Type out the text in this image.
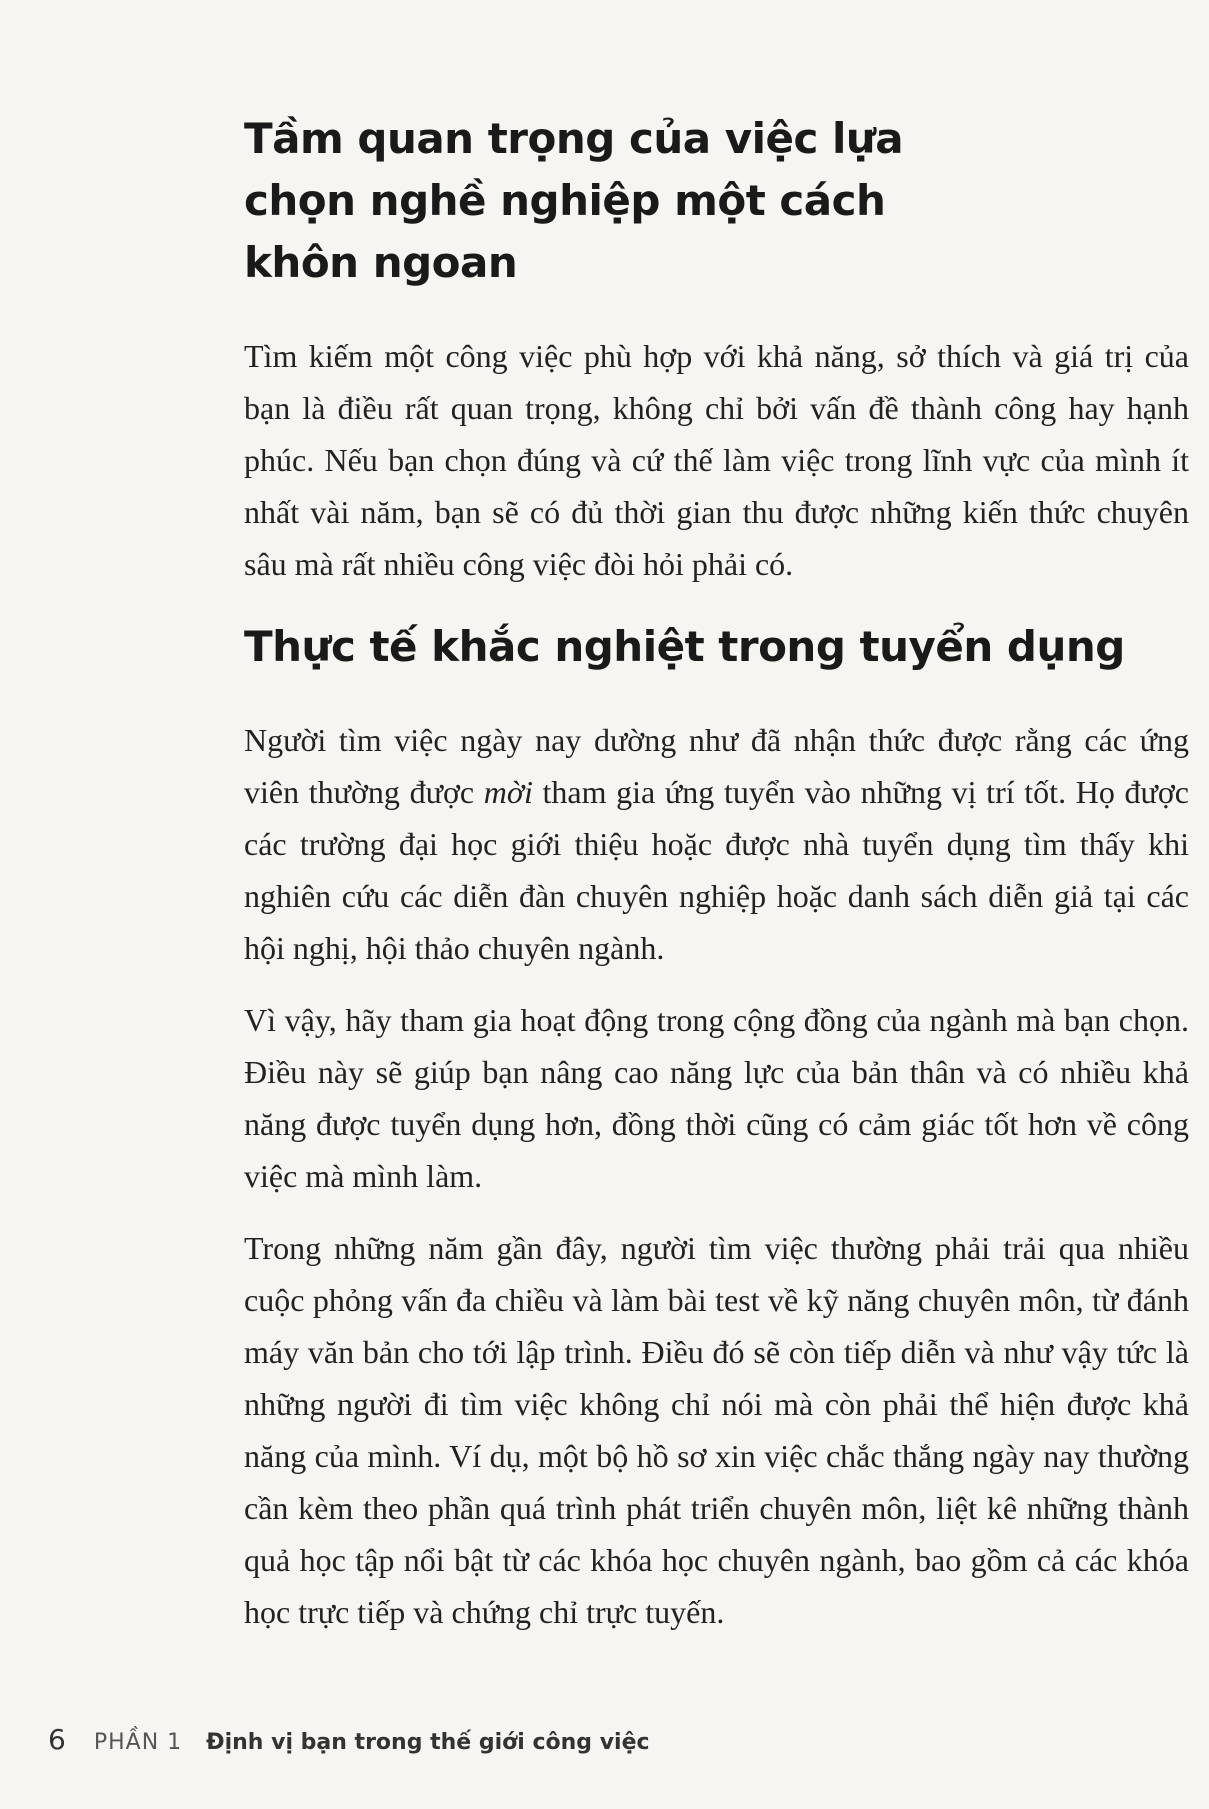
Tầm quan trọng của việc lựa chọn nghề nghiệp một cách khôn ngoan

Tìm kiếm một công việc phù hợp với khả năng, sở thích và giá trị của bạn là điều rất quan trọng, không chỉ bởi vấn đề thành công hay hạnh phúc. Nếu bạn chọn đúng và cứ thế làm việc trong lĩnh vực của mình ít nhất vài năm, bạn sẽ có đủ thời gian thu được những kiến thức chuyên sâu mà rất nhiều công việc đòi hỏi phải có.

Thực tế khắc nghiệt trong tuyển dụng

Người tìm việc ngày nay dường như đã nhận thức được rằng các ứng viên thường được mời tham gia ứng tuyển vào những vị trí tốt. Họ được các trường đại học giới thiệu hoặc được nhà tuyển dụng tìm thấy khi nghiên cứu các diễn đàn chuyên nghiệp hoặc danh sách diễn giả tại các hội nghị, hội thảo chuyên ngành.

Vì vậy, hãy tham gia hoạt động trong cộng đồng của ngành mà bạn chọn. Điều này sẽ giúp bạn nâng cao năng lực của bản thân và có nhiều khả năng được tuyển dụng hơn, đồng thời cũng có cảm giác tốt hơn về công việc mà mình làm.

Trong những năm gần đây, người tìm việc thường phải trải qua nhiều cuộc phỏng vấn đa chiều và làm bài test về kỹ năng chuyên môn, từ đánh máy văn bản cho tới lập trình. Điều đó sẽ còn tiếp diễn và như vậy tức là những người đi tìm việc không chỉ nói mà còn phải thể hiện được khả năng của mình. Ví dụ, một bộ hồ sơ xin việc chắc thắng ngày nay thường cần kèm theo phần quá trình phát triển chuyên môn, liệt kê những thành quả học tập nổi bật từ các khóa học chuyên ngành, bao gồm cả các khóa học trực tiếp và chứng chỉ trực tuyến.

6 PHẦN 1 Định vị bạn trong thế giới công việc
